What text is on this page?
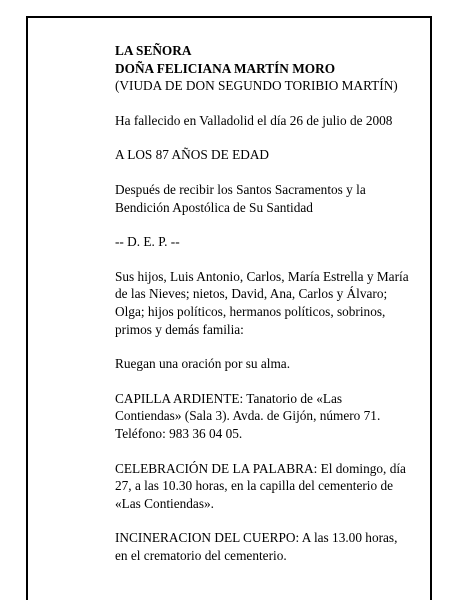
LA SEÑORA

DOÑA FELICIANA MARTÍN MORO

(VIUDA DE DON SEGUNDO TORIBIO MARTÍN)

Ha fallecido en Valladolid el día 26 de julio de 2008

A LOS 87 AÑOS DE EDAD

Después de recibir los Santos Sacramentos y la Bendición Apostólica de Su Santidad

-- D. E. P. --

Sus hijos, Luis Antonio, Carlos, María Estrella y María de las Nieves; nietos, David, Ana, Carlos y Álvaro; Olga; hijos políticos, hermanos políticos, sobrinos, primos y demás familia:

Ruegan una oración por su alma.

CAPILLA ARDIENTE: Tanatorio de «Las Contiendas» (Sala 3). Avda. de Gijón, número 71. Teléfono: 983 36 04 05.

CELEBRACIÓN DE LA PALABRA: El domingo, día 27, a las 10.30 horas, en la capilla del cementerio de «Las Contiendas».

INCINERACION DEL CUERPO: A las 13.00 horas, en el crematorio del cementerio.
